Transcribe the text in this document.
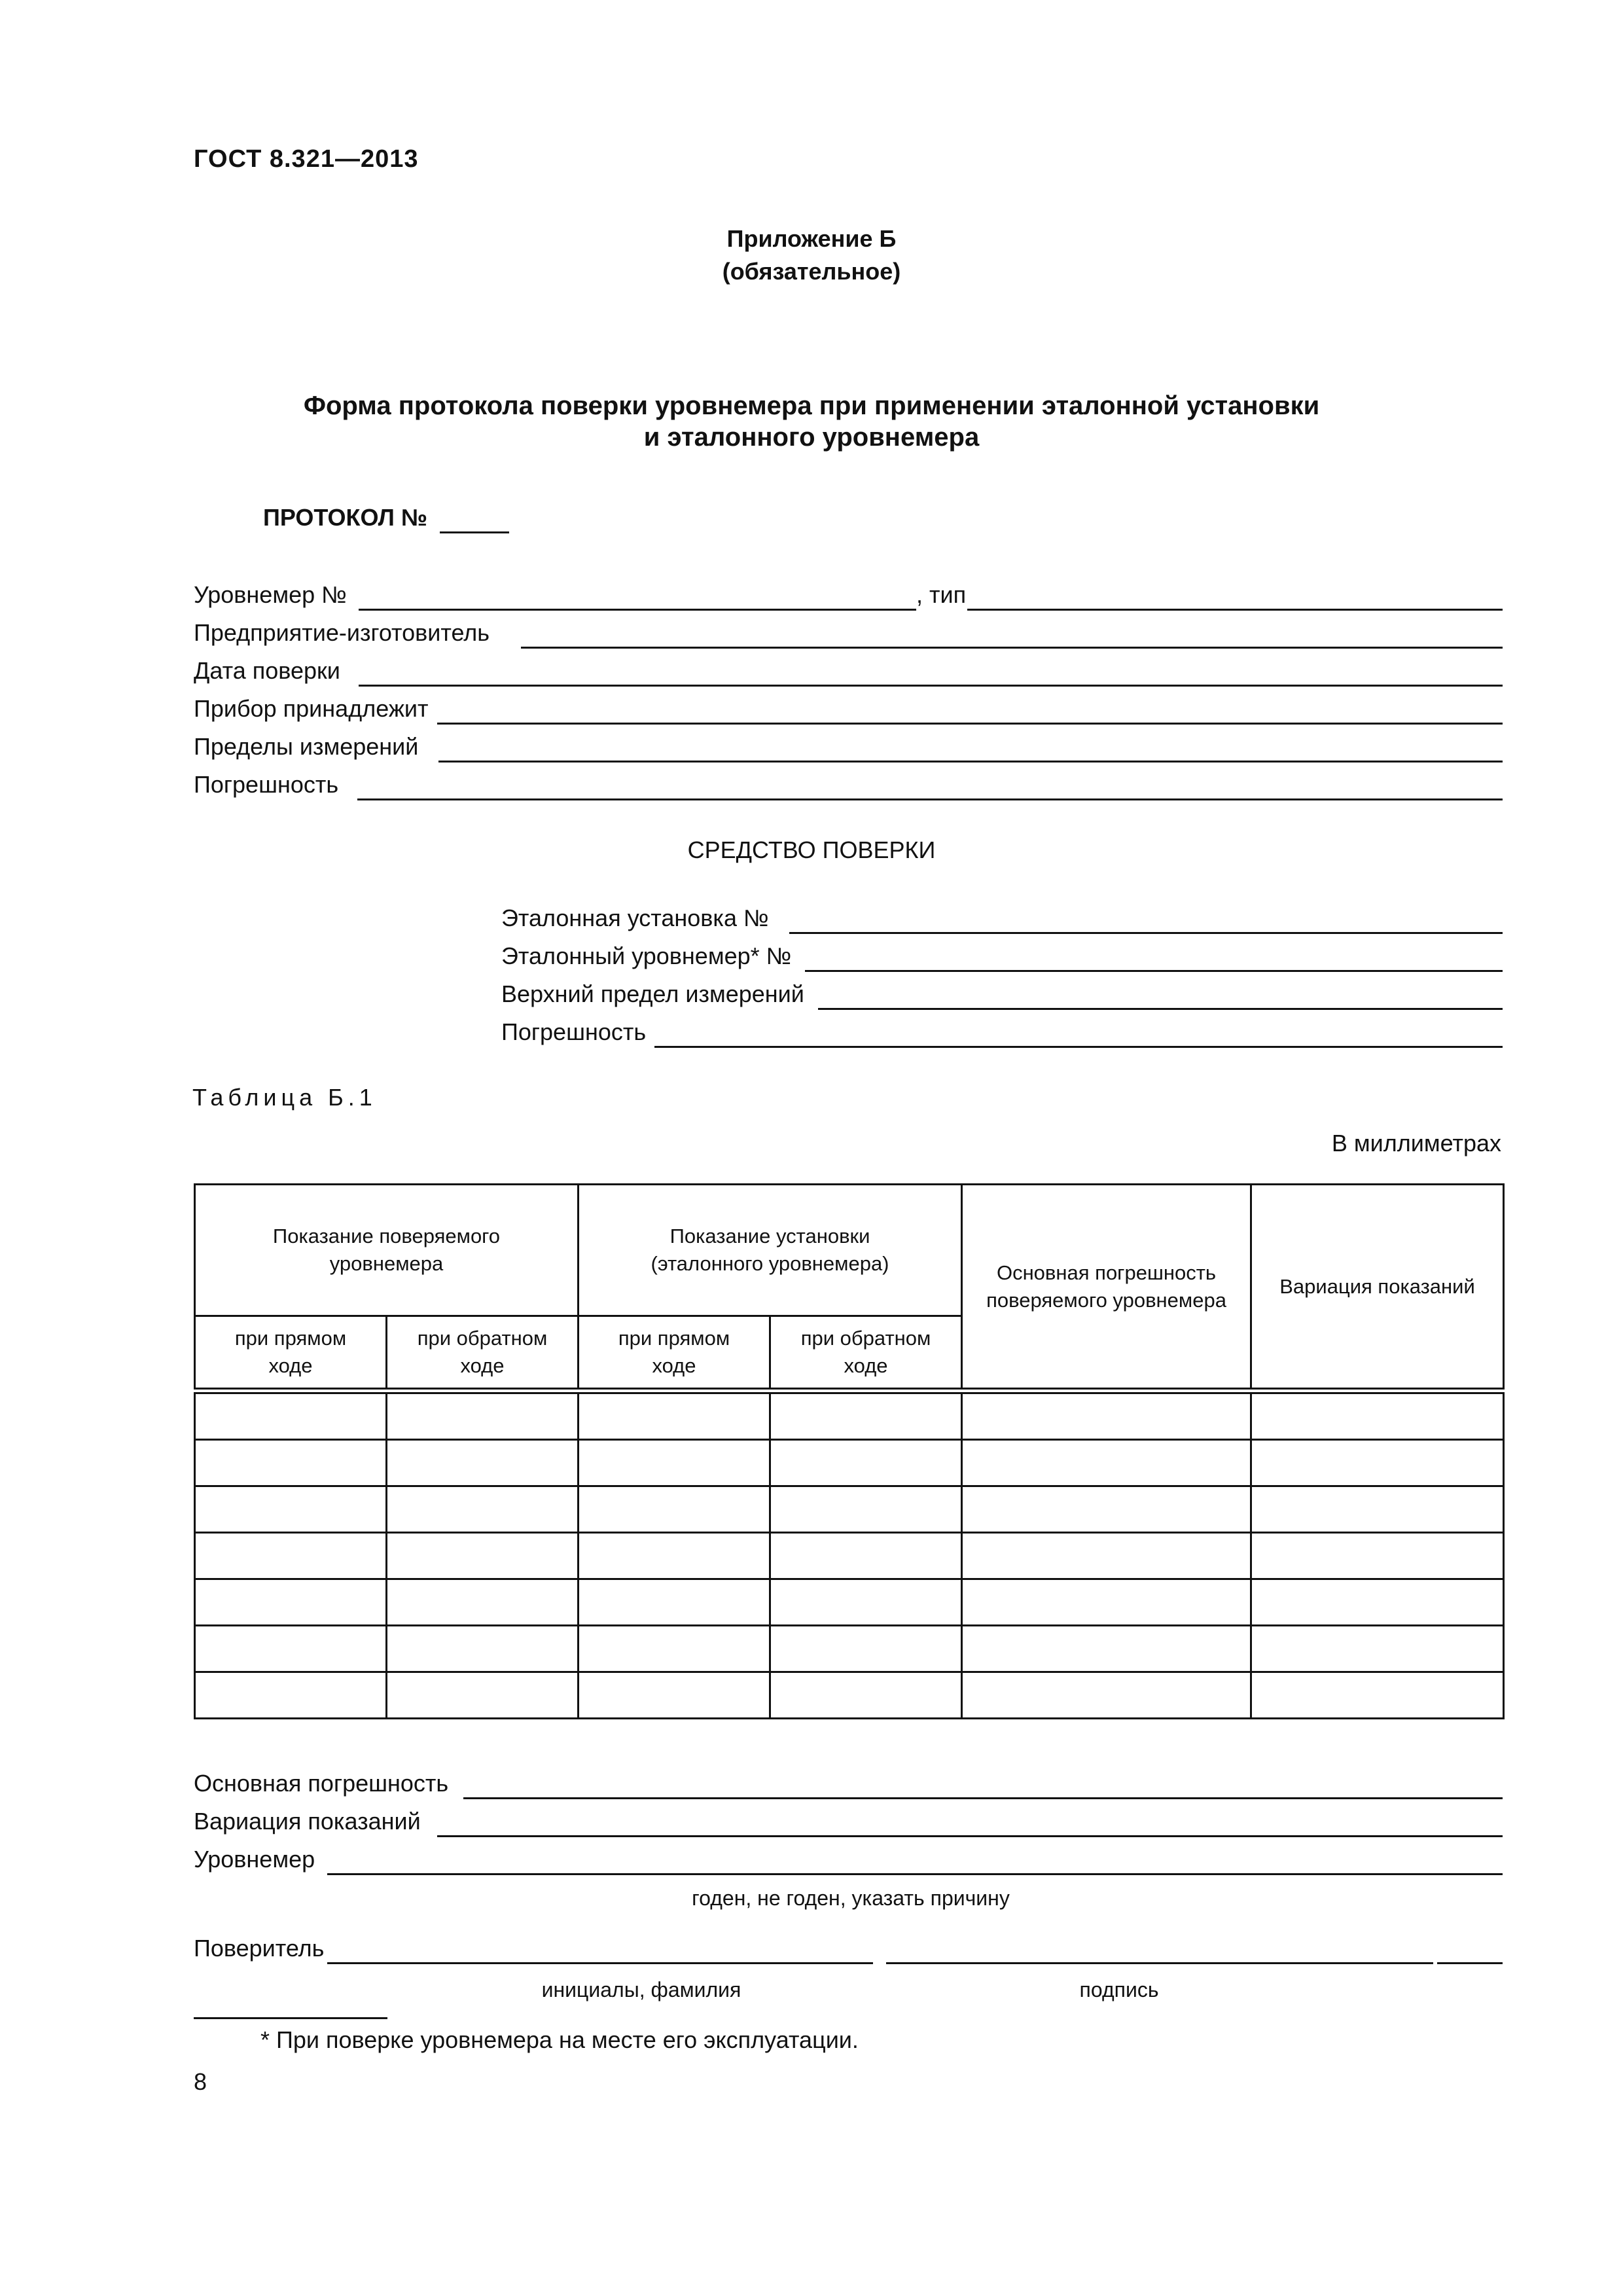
ГОСТ 8.321—2013
Приложение Б
(обязательное)
Форма протокола поверки уровнемера при применении эталонной установки
и эталонного уровнемера
ПРОТОКОЛ №
Уровнемер №	, тип
Предприятие-изготовитель
Дата поверки
Прибор принадлежит
Пределы измерений
Погрешность
СРЕДСТВО ПОВЕРКИ
Эталонная установка №
Эталонный уровнемер* №
Верхний предел измерений
Погрешность
Таблица Б.1
В миллиметрах
Показание поверяемого уровнемера		Показание установки (эталонного уровнемера)		Основная погрешность поверяемого уровнемера	Вариация показаний
при прямом ходе	при обратном ходе	при прямом ходе	при обратном ходе		

Основная погрешность
Вариация показаний
Уровнемер
годен, не годен, указать причину
Поверитель
инициалы, фамилия	подпись
* При поверке уровнемера на месте его эксплуатации.
8
